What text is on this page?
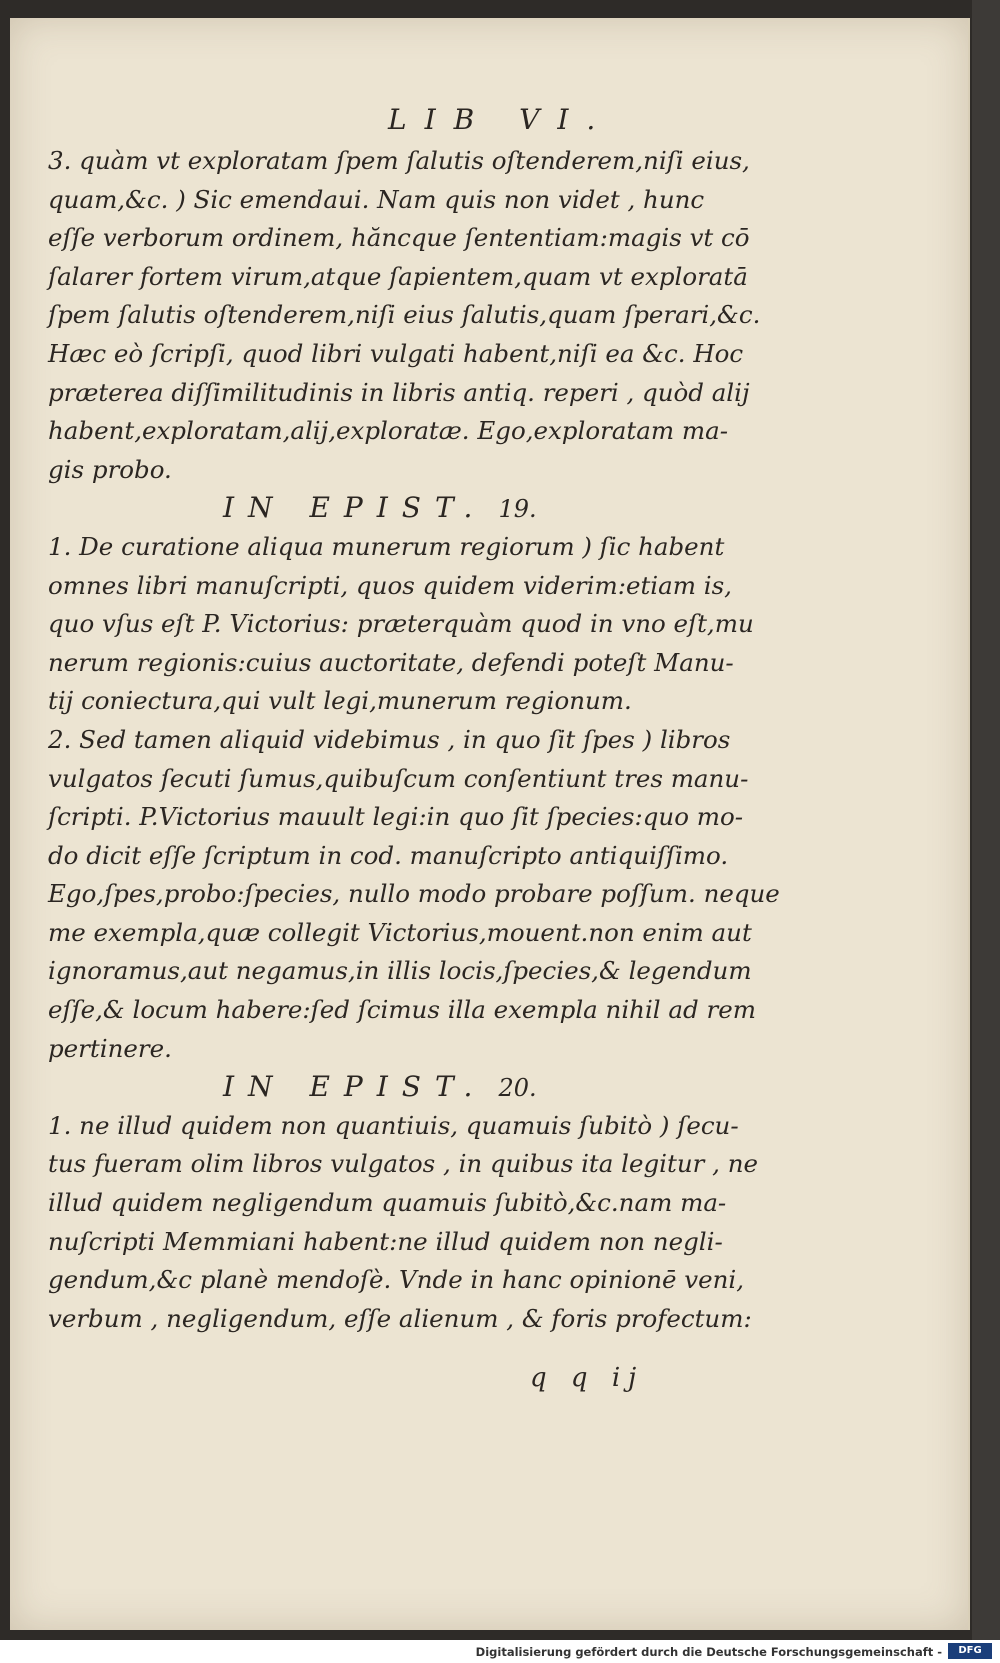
LIB VI.
3. quàm vt exploratam ſpem ſalutis oſtenderem,niſi eius,
quam,&c. ) Sic emendaui. Nam quis non videt , hunc
eſſe verborum ordinem, hăncque ſententiam:magis vt cō
ſalarer fortem virum,atque ſapientem,quam vt exploratā
ſpem ſalutis oſtenderem,niſi eius ſalutis,quam ſperari,&c.
Hæc eò ſcripſi, quod libri vulgati habent,niſi ea &c. Hoc
præterea diſſimilitudinis in libris antiq. reperi , quòd alij
habent,exploratam,alij,exploratæ. Ego,exploratam ma-
gis probo.
IN EPIST. 19.
1. De curatione aliqua munerum regiorum ) ſic habent
omnes libri manuſcripti, quos quidem viderim:etiam is,
quo vſus eſt P. Victorius: præterquàm quod in vno eſt,mu
nerum regionis:cuius auctoritate, defendi poteſt Manu-
tij coniectura,qui vult legi,munerum regionum.
2. Sed tamen aliquid videbimus , in quo ſit ſpes ) libros
vulgatos ſecuti ſumus,quibuſcum conſentiunt tres manu-
ſcripti. P.Victorius mauult legi:in quo ſit ſpecies:quo mo-
do dicit eſſe ſcriptum in cod. manuſcripto antiquiſſimo.
Ego,ſpes,probo:ſpecies, nullo modo probare poſſum. neque
me exempla,quæ collegit Victorius,mouent.non enim aut
ignoramus,aut negamus,in illis locis,ſpecies,& legendum
eſſe,& locum habere:ſed ſcimus illa exempla nihil ad rem
pertinere.
IN EPIST. 20.
1. ne illud quidem non quantiuis, quamuis ſubitò ) ſecu-
tus fueram olim libros vulgatos , in quibus ita legitur , ne
illud quidem negligendum quamuis ſubitò,&c.nam ma-
nuſcripti Memmiani habent:ne illud quidem non negli-
gendum,&c planè mendoſè. Vnde in hanc opinionē veni,
verbum , negligendum, eſſe alienum , & foris profectum:
q q ij
Digitalisierung gefördert durch die Deutsche Forschungsgemeinschaft -	DFG
